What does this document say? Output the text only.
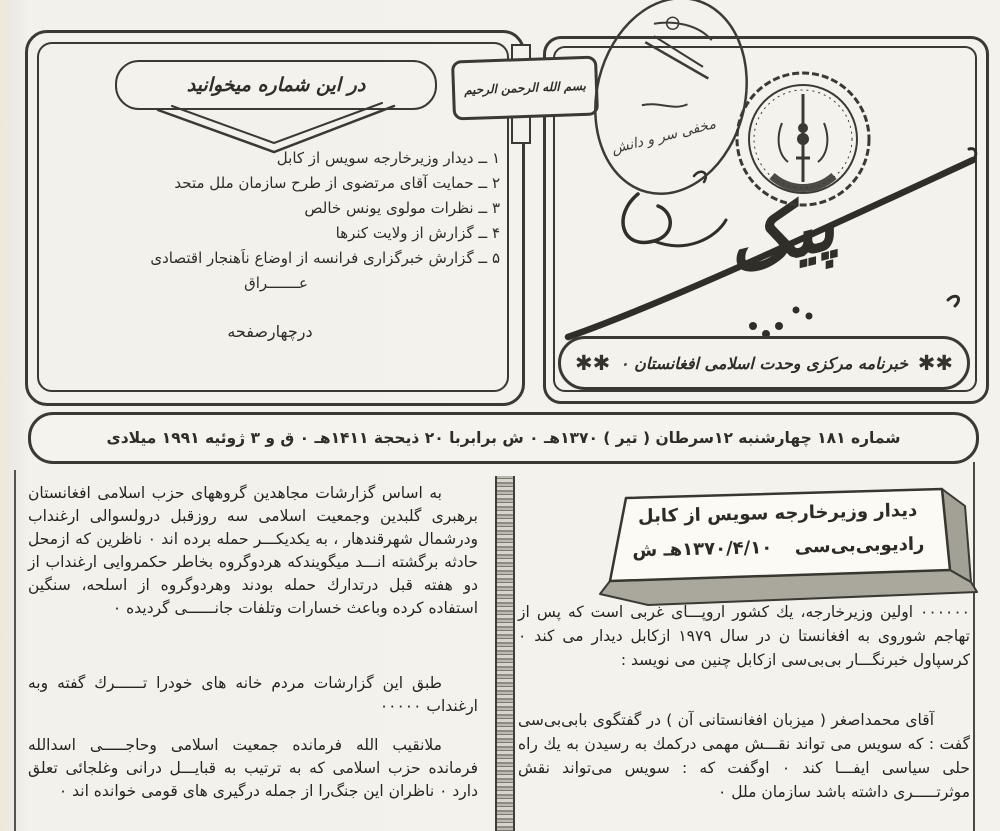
در این شماره میخوانید
۱ ــ دیدار وزیرخارجه سویس از کابل
۲ ــ حمایت آقای مرتضوی از طرح سازمان ملل متحد
۳ ــ نظرات مولوی یونس خالص
۴ ــ گزارش از ولایت کنرها
۵ ــ گزارش خبرگزاری فرانسه از اوضاع ناَهنجار اقتصادی
عـــــــراق
درچهارصفحه
بسم الله الرحمن الرحیم
پیک
✱
✱
خبرنامه مرکزی وحدت اسلامی افغانستان ٠
✱
✱
مخفی سر و دانش
شماره ۱۸۱ چهارشنبه ۱۲سرطان ( تیر ) ۱۳۷۰هـ ٠ ش برابربا ۲۰ ذیحجة ۱۴۱۱هـ ٠ ق و ۳ ژوئیه ۱۹۹۱ میلادی
دیدار وزیرخارجه سویس از کابل
رادیوبی‌بی‌سی
۱۳۷۰/۴/۱۰هـ ش
٠٠٠٠٠٠ اولین وزیرخارجه، یك کشور اروپـــای غربی است که پس از تهاجم شوروی به افغانستا ن در سال ۱۹۷۹ ازکابل دیدار می کند ٠ کرسپاول خبرنگـــار بی‌بی‌سی ازکابل چنین می نویسد :
آقای محمداصغر ( میزبان افغانستانی آن ) در گفتگوی بابی‌بی‌سی گفت : که سویس می تواند نقـــش مهمی درکمك به رسیدن به یك راه حلی سیاسی ایفـــا کند ٠ اوگفت که : سویس می‌تواند نقش موثرتـــــری داشته باشد سازمان ملل ٠
به اساس گزارشات مجاهدین گروههای حزب اسلامی افغانستان برهبری گلبدین وجمعیت اسلامی سه روزقبل درولسوالی ارغنداب ودرشمال شهرقندهار ، به یکدیکـــر حمله برده اند ٠ ناظرین که ازمحل حادثه برگشته انـــد میگویندکه هردوگروه بخاطر حکمروایی ارغنداب از دو هفته قبل درتدارك حمله بودند وهردوگروه از اسلحه، سنگین استفاده کرده وباعث خسارات وتلفات جانــــــی گردیده ٠
طبق این گزارشات مردم خانه های خودرا تــــــرك گفته وبه ارغنداب ٠٠٠٠٠
ملانقیب الله فرمانده جمعیت اسلامی وحاجـــــی اسدالله فرمانده حزب اسلامی که به ترتیب به قبایـــل درانی وغلجائی تعلق دارد ٠ ناظران این جنگ‌را از جمله درگیری های قومی خوانده اند ٠
